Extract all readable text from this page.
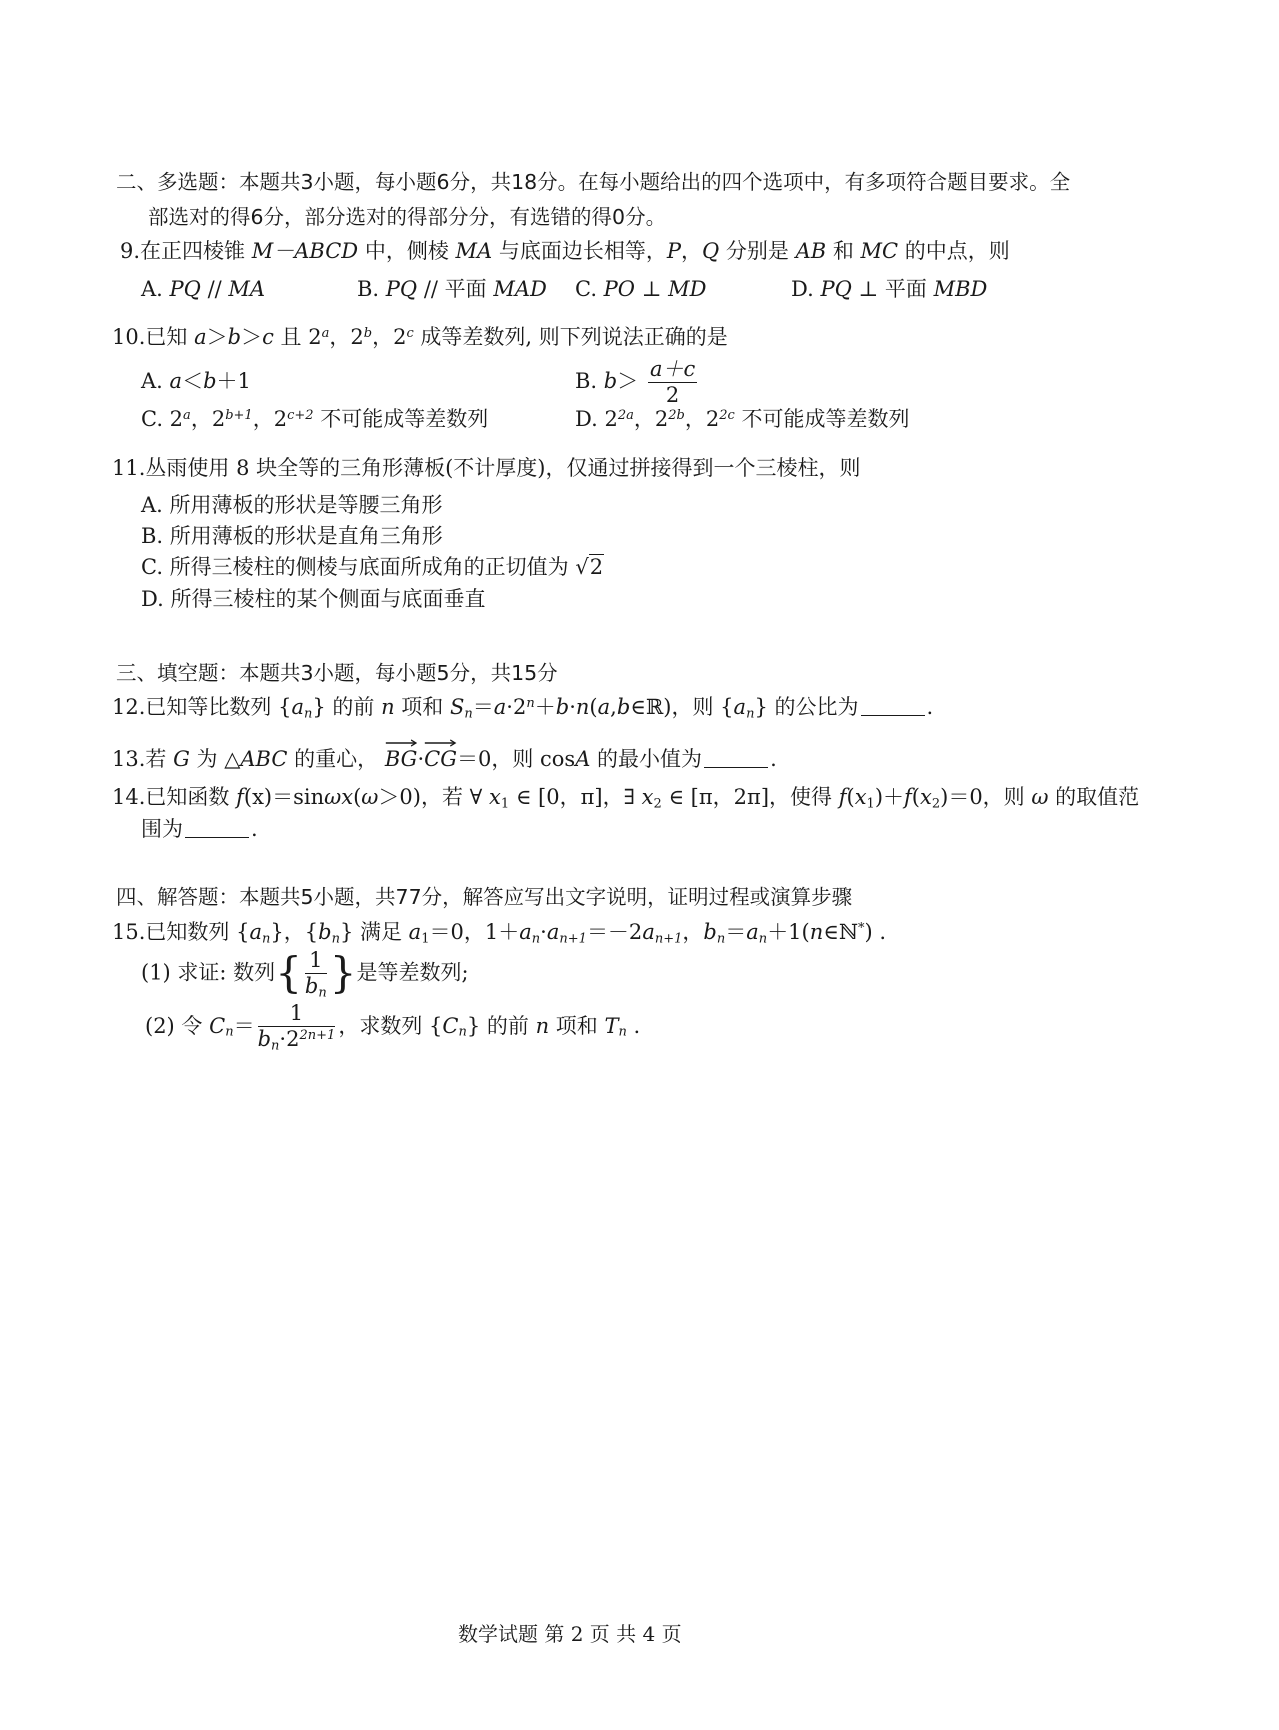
二、多选题：本题共3小题，每小题6分，共18分。在每小题给出的四个选项中，有多项符合题目要求。全
部选对的得6分，部分选对的得部分分，有选错的得0分。
9.在正四棱锥 M－ABCD 中，侧棱 MA 与底面边长相等，P，Q 分别是 AB 和 MC 的中点，则
A. PQ // MA	B. PQ // 平面 MAD C. PO ⊥ MD	D. PQ ⊥ 平面 MBD
10.已知 a＞b＞c 且 2$^a$，2$^b$，2$^c$ 成等差数列, 则下列说法正确的是
A. a＜b＋1	B. $b> \frac{a+c}{2}$
C. 2$^a$，$2^{b+1}$，$2^{c+2}$ 不可能成等差数列	D. $2^{2a}$，$2^{2b}$，$2^{2c}$ 不可能成等差数列
11.丛雨使用 8 块全等的三角形薄板(不计厚度)，仅通过拼接得到一个三棱柱，则
A. 所用薄板的形状是等腰三角形
B. 所用薄板的形状是直角三角形
C. 所得三棱柱的侧棱与底面所成角的正切值为 √2
D. 所得三棱柱的某个侧面与底面垂直
三、填空题：本题共3小题，每小题5分，共15分
12.已知等比数列 $\{a_n\}$ 的前 n 项和 $S_n=a\cdot 2^n+b\cdot n(a,b\in ℝ)$，则 $\{a_n\}$ 的公比为	.
13.若 G 为 △ABC 的重心， BG·
CG＝0，则 cosA 的最小值为	.
14.已知函数 f(x)＝sinωx(ω＞0)，若 ∀ $x_1$ ∈ [0，π]，∃ $x_2$ ∈ [π，2π]，使得 $f(x_1)+f(x_2)=0$，则 ω 的取值范
围为	.
四、解答题：本题共5小题，共77分，解答应写出文字说明，证明过程或演算步骤
15.已知数列 $\{a_n\}$，$\{b_n\}$ 满足 $a_1=0$，$1+a_n\cdot a_{n+1}=-2a_{n+1}$，$b_n=a_n+1(n\in ℕ^*)$ .
(1) 求证: 数列{ $\frac{1}{b_n}$ }是等差数列;
(2) 令 $C_n= \frac{1}{b_n\cdot 2^{2n+1}}$ ，求数列 $\{C_n\}$ 的前 n 项和 $T_n$ .
数学试题 第 2 页 共 4 页
